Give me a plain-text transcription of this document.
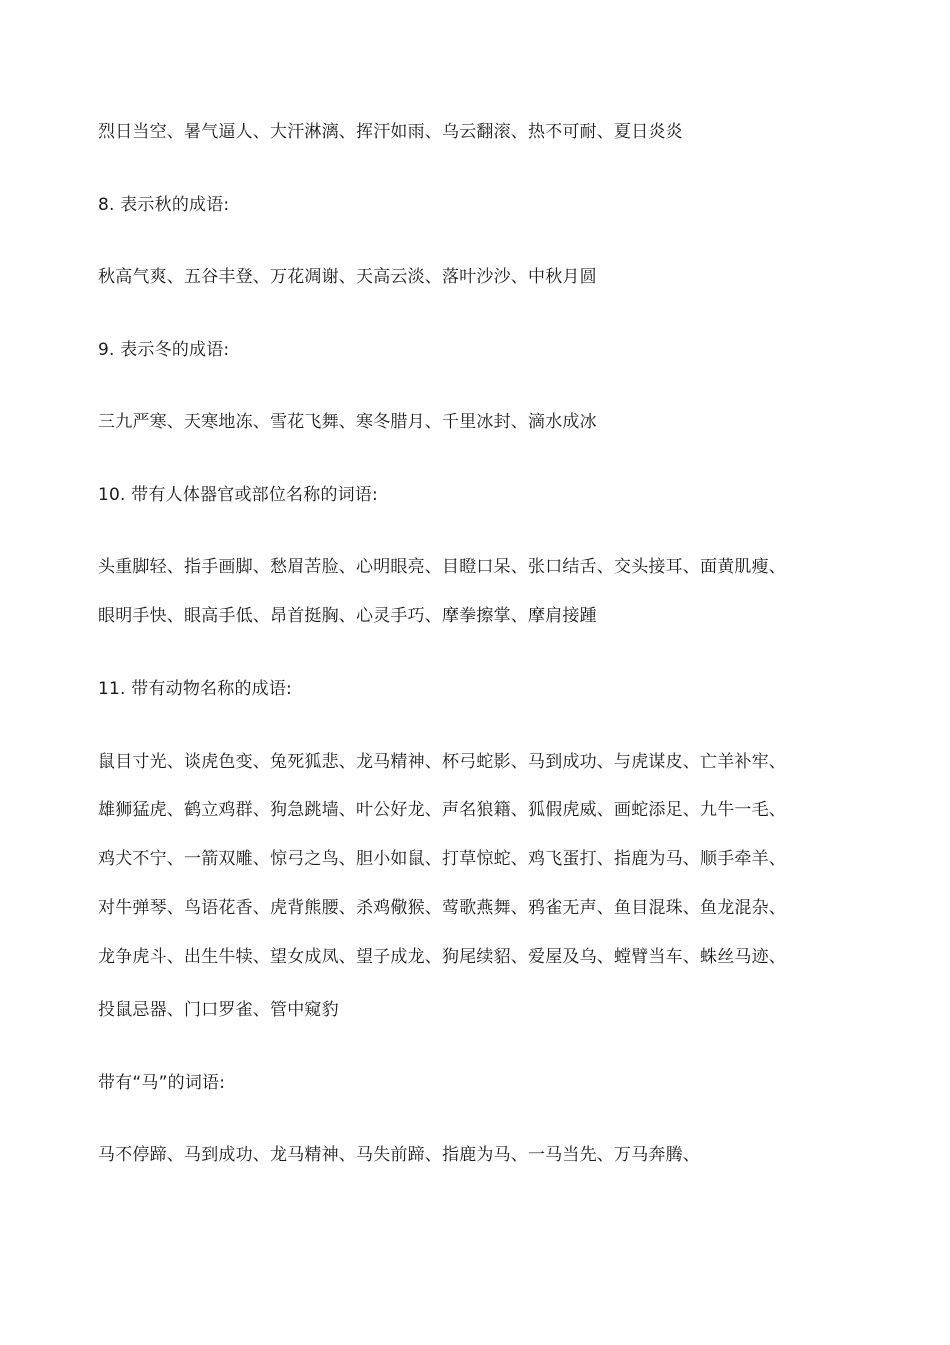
烈日当空、暑气逼人、大汗淋漓、挥汗如雨、乌云翻滚、热不可耐、夏日炎炎
8. 表示秋的成语:
秋高气爽、五谷丰登、万花凋谢、天高云淡、落叶沙沙、中秋月圆
9. 表示冬的成语:
三九严寒、天寒地冻、雪花飞舞、寒冬腊月、千里冰封、滴水成冰
10. 带有人体器官或部位名称的词语:
头重脚轻、指手画脚、愁眉苦脸、心明眼亮、目瞪口呆、张口结舌、交头接耳、面黄肌瘦、
眼明手快、眼高手低、昂首挺胸、心灵手巧、摩拳擦掌、摩肩接踵
11. 带有动物名称的成语:
鼠目寸光、谈虎色变、兔死狐悲、龙马精神、杯弓蛇影、马到成功、与虎谋皮、亡羊补牢、
雄狮猛虎、鹤立鸡群、狗急跳墙、叶公好龙、声名狼籍、狐假虎威、画蛇添足、九牛一毛、
鸡犬不宁、一箭双雕、惊弓之鸟、胆小如鼠、打草惊蛇、鸡飞蛋打、指鹿为马、顺手牵羊、
对牛弹琴、鸟语花香、虎背熊腰、杀鸡儆猴、莺歌燕舞、鸦雀无声、鱼目混珠、鱼龙混杂、
龙争虎斗、出生牛犊、望女成凤、望子成龙、狗尾续貂、爱屋及乌、螳臂当车、蛛丝马迹、
投鼠忌器、门口罗雀、管中窥豹
带有“马”的词语:
马不停蹄、马到成功、龙马精神、马失前蹄、指鹿为马、一马当先、万马奔腾、
